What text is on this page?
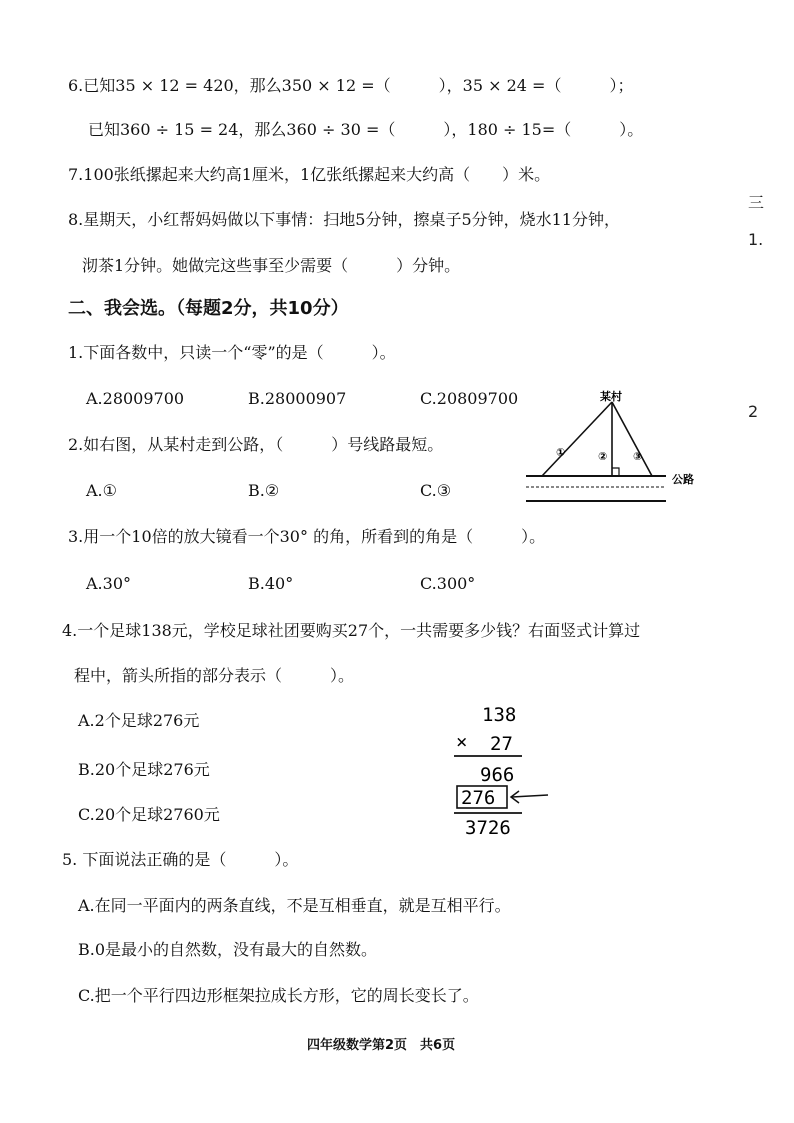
6.已知35 × 12 = 420，那么350 × 12 =（　　　），35 × 24 =（　　　）；
已知360 ÷ 15 = 24，那么360 ÷ 30 =（　　　），180 ÷ 15=（　　　）。
7.100张纸摞起来大约高1厘米，1亿张纸摞起来大约高（　　）米。
8.星期天，小红帮妈妈做以下事情：扫地5分钟，擦桌子5分钟，烧水11分钟，
沏茶1分钟。她做完这些事至少需要（　　　）分钟。
二、我会选。（每题2分，共10分）
1.下面各数中，只读一个“零”的是（　　　）。
A.28009700	B.28000907	C.20809700
2.如右图，从某村走到公路，（　　　）号线路最短。
A.①	B.②	C.③
某村
①	② ③
公路
3.用一个10倍的放大镜看一个30° 的角，所看到的角是（　　　）。
A.30°	B.40°	C.300°
4.一个足球138元，学校足球社团要购买27个，一共需要多少钱？右面竖式计算过
程中，箭头所指的部分表示（　　　）。
A.2个足球276元
B.20个足球276元
C.20个足球2760元
138
× 27
966
276
3726
5. 下面说法正确的是（　　　）。
A.在同一平面内的两条直线，不是互相垂直，就是互相平行。
B.0是最小的自然数，没有最大的自然数。
C.把一个平行四边形框架拉成长方形，它的周长变长了。
三
1.
2
四年级数学第2页　共6页
